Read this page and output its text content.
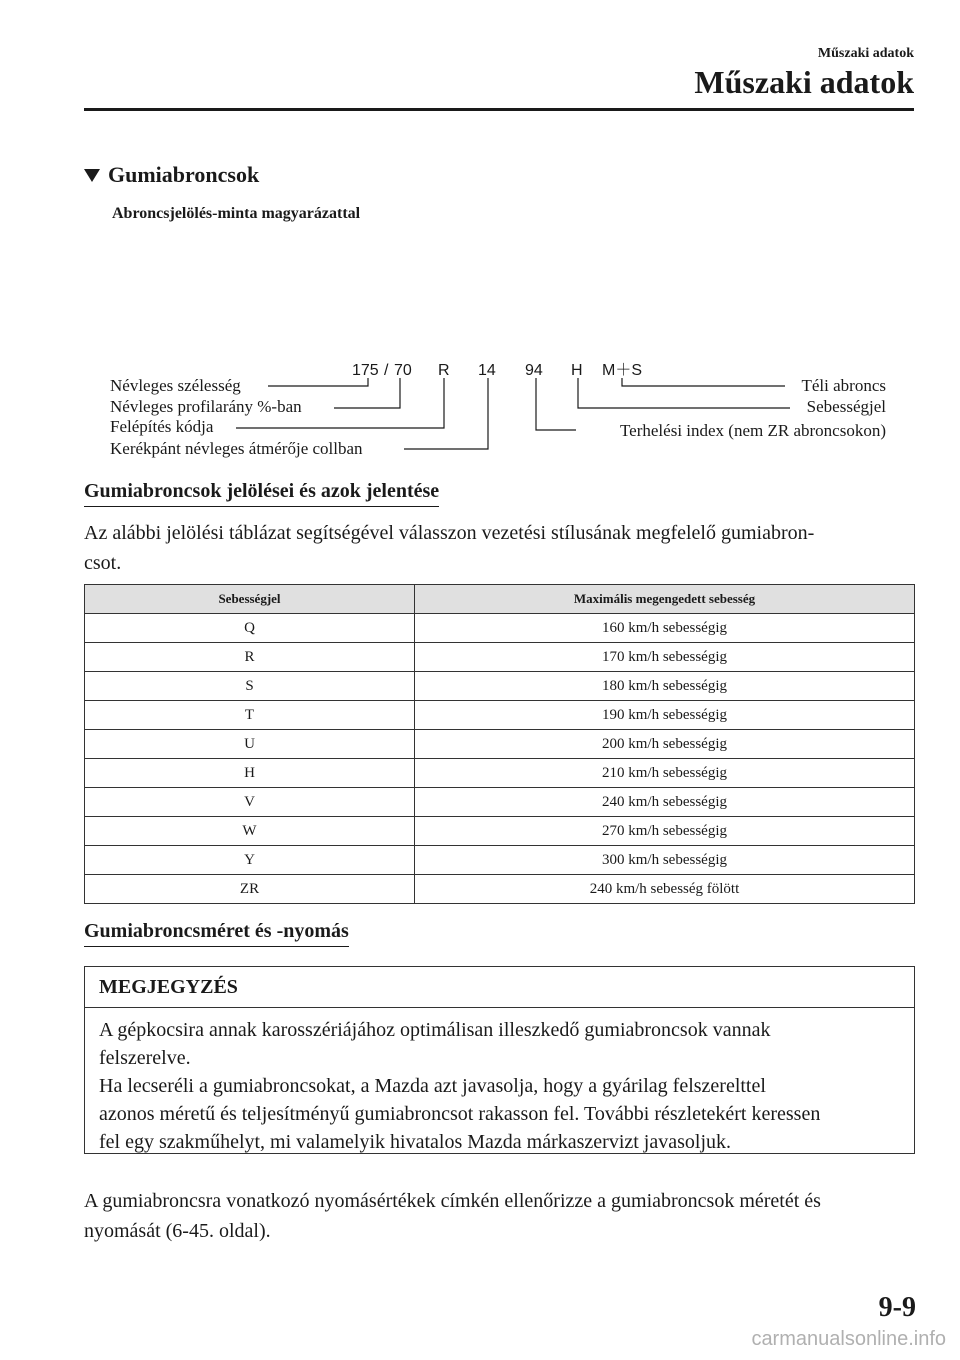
Műszaki adatok
Műszaki adatok
Gumiabroncsok
Abroncsjelölés-minta magyarázattal
175 / 70 R 14 94 H M＋S
Névleges szélesség
Névleges profilarány %-ban
Felépítés kódja
Kerékpánt névleges átmérője collban
Téli abroncs
Sebességjel
Terhelési index (nem ZR abroncsokon)
Gumiabroncsok jelölései és azok jelentése
Az alábbi jelölési táblázat segítségével válasszon vezetési stílusának megfelelő gumiabron-
csot.
Sebességjel	Maximális megengedett sebesség
Q	160 km/h sebességig
R	170 km/h sebességig
S	180 km/h sebességig
T	190 km/h sebességig
U	200 km/h sebességig
H	210 km/h sebességig
V	240 km/h sebességig
W	270 km/h sebességig
Y	300 km/h sebességig
ZR	240 km/h sebesség fölött
Gumiabroncsméret és -nyomás
MEGJEGYZÉS

A gépkocsira annak karosszériájához optimálisan illeszkedő gumiabroncsok vannak

felszerelve.

Ha lecseréli a gumiabroncsokat, a Mazda azt javasolja, hogy a gyárilag felszerelttel

azonos méretű és teljesítményű gumiabroncsot rakasson fel. További részletekért keressen

fel egy szakműhelyt, mi valamelyik hivatalos Mazda márkaszervizt javasoljuk.

A gumiabroncsra vonatkozó nyomásértékek címkén ellenőrizze a gumiabroncsok méretét és
nyomását (6-45. oldal).
9-9
carmanualsonline.info
